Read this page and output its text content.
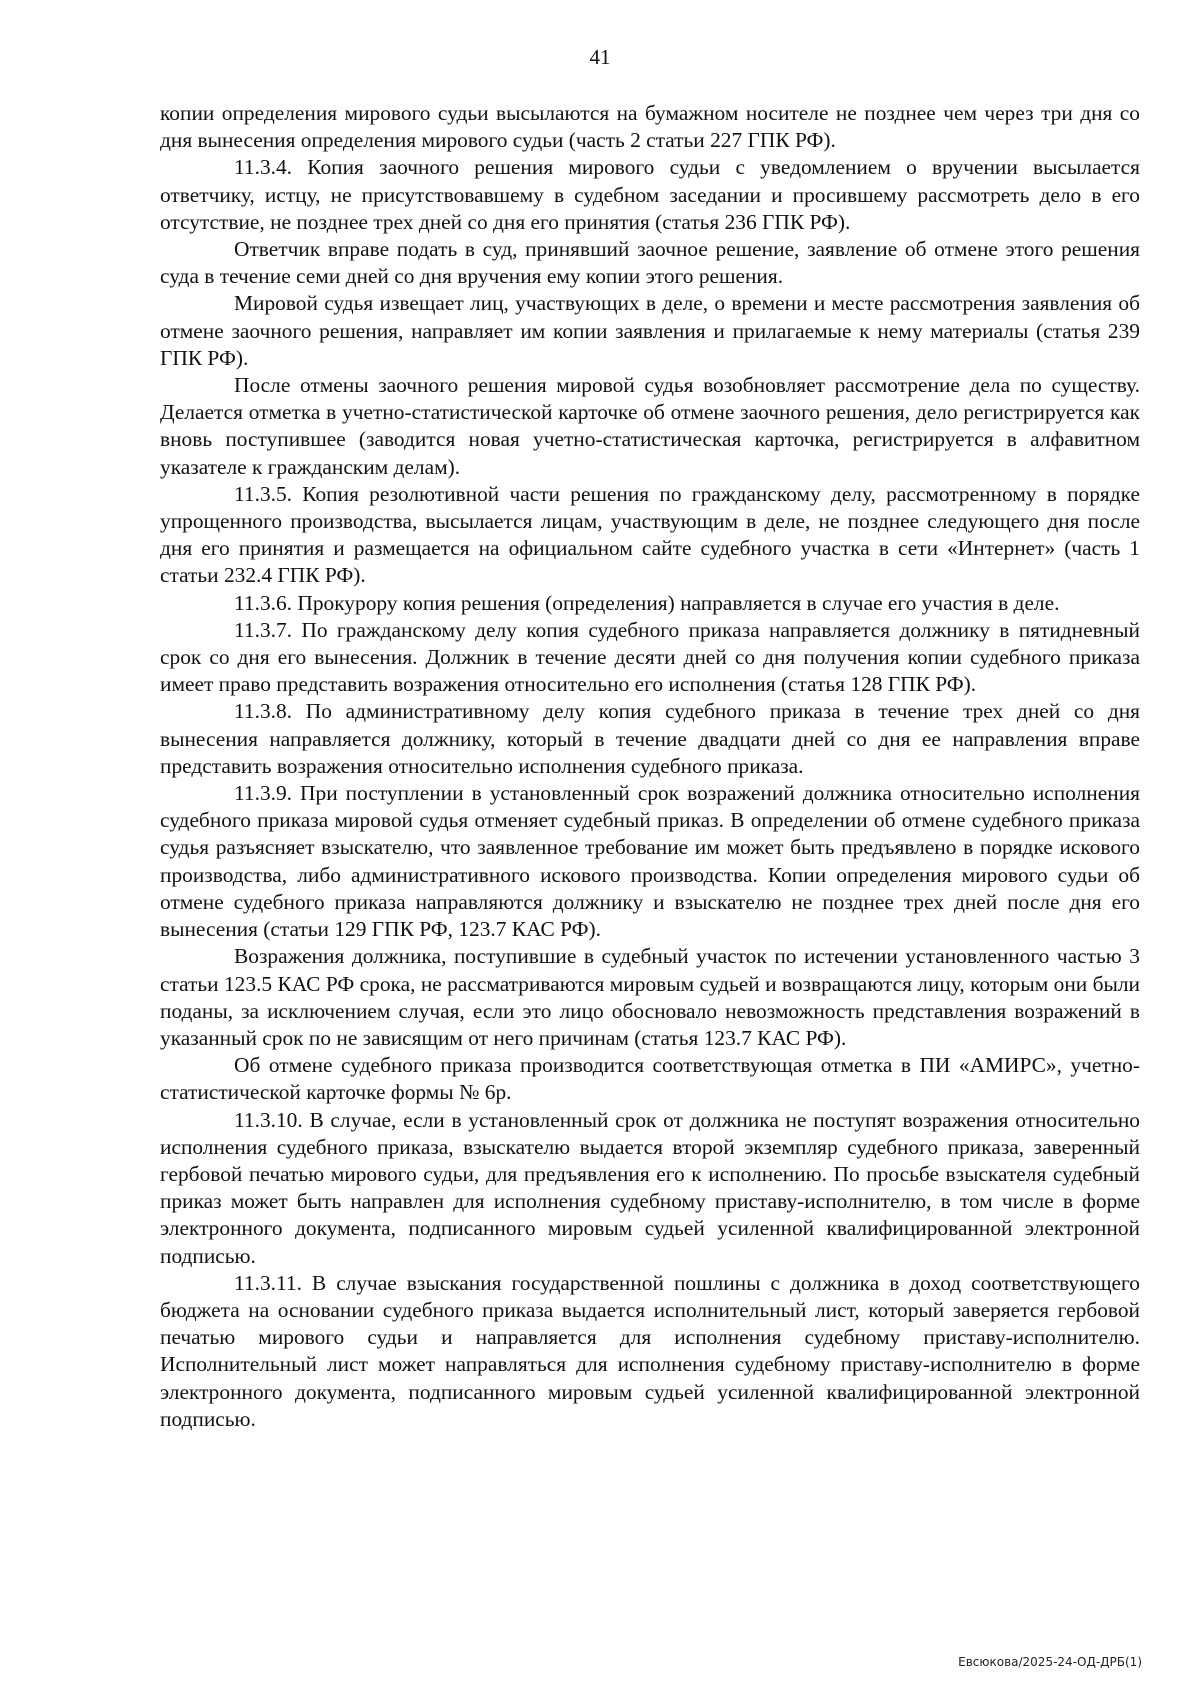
41

копии определения мирового судьи высылаются на бумажном носителе не позднее чем через три дня со дня вынесения определения мирового судьи (часть 2 статьи 227 ГПК РФ).

11.3.4. Копия заочного решения мирового судьи с уведомлением о вручении высылается ответчику, истцу, не присутствовавшему в судебном заседании и просившему рассмотреть дело в его отсутствие, не позднее трех дней со дня его принятия (статья 236 ГПК РФ).

Ответчик вправе подать в суд, принявший заочное решение, заявление об отмене этого решения суда в течение семи дней со дня вручения ему копии этого решения.

Мировой судья извещает лиц, участвующих в деле, о времени и месте рассмотрения заявления об отмене заочного решения, направляет им копии заявления и прилагаемые к нему материалы (статья 239 ГПК РФ).

После отмены заочного решения мировой судья возобновляет рассмотрение дела по существу. Делается отметка в учетно-статистической карточке об отмене заочного решения, дело регистрируется как вновь поступившее (заводится новая учетно-статистическая карточка, регистрируется в алфавитном указателе к гражданским делам).

11.3.5. Копия резолютивной части решения по гражданскому делу, рассмотренному в порядке упрощенного производства, высылается лицам, участвующим в деле, не позднее следующего дня после дня его принятия и размещается на официальном сайте судебного участка в сети «Интернет» (часть 1 статьи 232.4 ГПК РФ).

11.3.6. Прокурору копия решения (определения) направляется в случае его участия в деле.

11.3.7. По гражданскому делу копия судебного приказа направляется должнику в пятидневный срок со дня его вынесения. Должник в течение десяти дней со дня получения копии судебного приказа имеет право представить возражения относительно его исполнения (статья 128 ГПК РФ).

11.3.8. По административному делу копия судебного приказа в течение трех дней со дня вынесения направляется должнику, который в течение двадцати дней со дня ее направления вправе представить возражения относительно исполнения судебного приказа.

11.3.9. При поступлении в установленный срок возражений должника относительно исполнения судебного приказа мировой судья отменяет судебный приказ. В определении об отмене судебного приказа судья разъясняет взыскателю, что заявленное требование им может быть предъявлено в порядке искового производства, либо административного искового производства. Копии определения мирового судьи об отмене судебного приказа направляются должнику и взыскателю не позднее трех дней после дня его вынесения (статьи 129 ГПК РФ, 123.7 КАС РФ).

Возражения должника, поступившие в судебный участок по истечении установленного частью 3 статьи 123.5 КАС РФ срока, не рассматриваются мировым судьей и возвращаются лицу, которым они были поданы, за исключением случая, если это лицо обосновало невозможность представления возражений в указанный срок по не зависящим от него причинам (статья 123.7 КАС РФ).

Об отмене судебного приказа производится соответствующая отметка в ПИ «АМИРС», учетно-статистической карточке формы № 6р.

11.3.10. В случае, если в установленный срок от должника не поступят возражения относительно исполнения судебного приказа, взыскателю выдается второй экземпляр судебного приказа, заверенный гербовой печатью мирового судьи, для предъявления его к исполнению. По просьбе взыскателя судебный приказ может быть направлен для исполнения судебному приставу-исполнителю, в том числе в форме электронного документа, подписанного мировым судьей усиленной квалифицированной электронной подписью.

11.3.11. В случае взыскания государственной пошлины с должника в доход соответствующего бюджета на основании судебного приказа выдается исполнительный лист, который заверяется гербовой печатью мирового судьи и направляется для исполнения судебному приставу-исполнителю. Исполнительный лист может направляться для исполнения судебному приставу-исполнителю в форме электронного документа, подписанного мировым судьей усиленной квалифицированной электронной подписью.

Евсюкова/2025-24-ОД-ДРБ(1)
